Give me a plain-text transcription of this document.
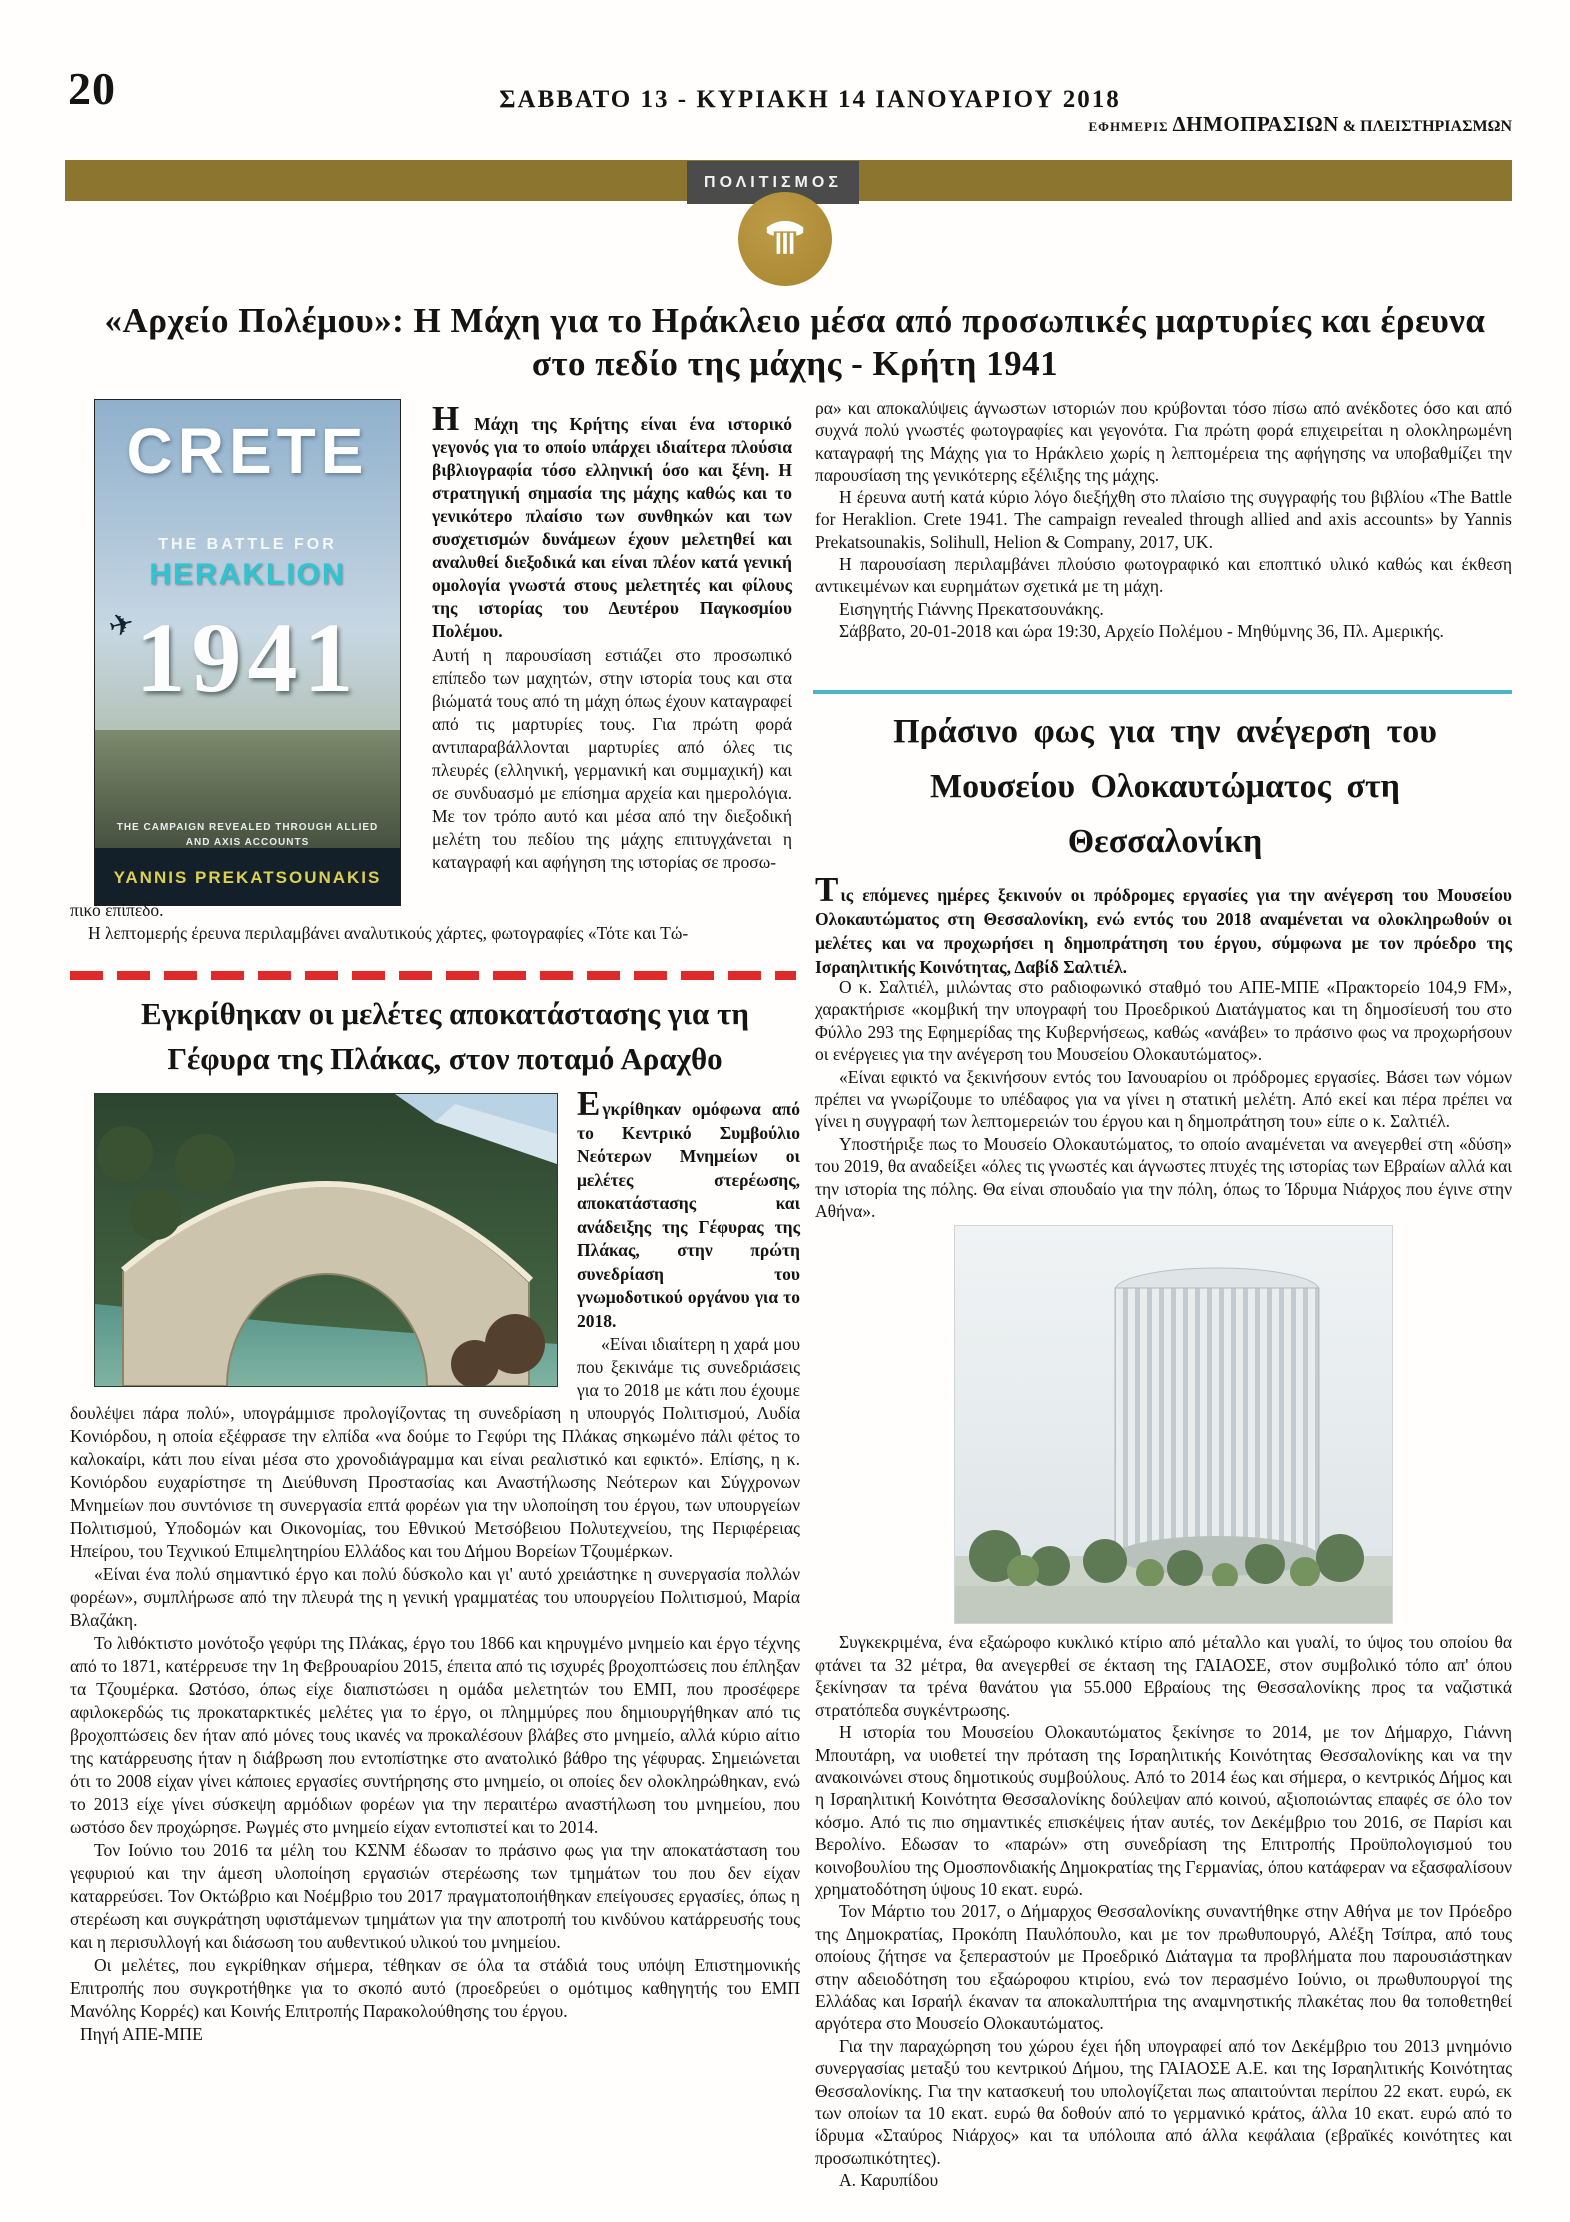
20	ΣΑΒΒΑΤΟ 13 - ΚΥΡΙΑΚΗ 14 ΙΑΝΟΥΑΡΙΟΥ 2018
ΕΦΗΜΕΡΙΣ ΔΗΜΟΠΡΑΣΙΩΝ & ΠΛΕΙΣΤΗΡΙΑΣΜΩΝ
ΠΟΛΙΤΙΣΜΟΣ
«Αρχείο Πολέμου»: Η Μάχη για το Ηράκλειο μέσα από προσωπικές μαρτυρίες και έρευνα στο πεδίο της μάχης - Κρήτη 1941
CRETE
THE BATTLE FOR
HERAKLION
✈
1941
THE CAMPAIGN REVEALED THROUGH ALLIED AND AXIS ACCOUNTS
YANNIS PREKATSOUNAKIS

Η Μάχη της Κρήτης είναι ένα ιστορικό γεγονός για το οποίο υπάρχει ιδιαίτερα πλούσια βιβλιογραφία τόσο ελληνική όσο και ξένη. Η στρατηγική σημασία της μάχης καθώς και το γενικότερο πλαίσιο των συνθηκών και των συσχετισμών δυνάμεων έχουν μελετηθεί και αναλυθεί διεξοδικά και είναι πλέον κατά γενική ομολογία γνωστά στους μελετητές και φίλους της ιστορίας του Δευτέρου Παγκοσμίου Πολέμου.

Αυτή η παρουσίαση εστιάζει στο προσωπικό επίπεδο των μαχητών, στην ιστορία τους και στα βιώματά τους από τη μάχη όπως έχουν καταγραφεί από τις μαρτυρίες τους. Για πρώτη φορά αντιπαραβάλλονται μαρτυρίες από όλες τις πλευρές (ελληνική, γερμανική και συμμαχική) και σε συνδυασμό με επίσημα αρχεία και ημερολόγια. Με τον τρόπο αυτό και μέσα από την διεξοδική μελέτη του πεδίου της μάχης επιτυγχάνεται η καταγραφή και αφήγηση της ιστορίας σε προσω-

πικό επίπεδο.

Η λεπτομερής έρευνα περιλαμβάνει αναλυτικούς χάρτες, φωτογραφίες «Τότε και Τώ-

ρα» και αποκαλύψεις άγνωστων ιστοριών που κρύβονται τόσο πίσω από ανέκδοτες όσο και από συχνά πολύ γνωστές φωτογραφίες και γεγονότα. Για πρώτη φορά επιχειρείται η ολοκληρωμένη καταγραφή της Μάχης για το Ηράκλειο χωρίς η λεπτομέρεια της αφήγησης να υποβαθμίζει την παρουσίαση της γενικότερης εξέλιξης της μάχης.

Η έρευνα αυτή κατά κύριο λόγο διεξήχθη στο πλαίσιο της συγγραφής του βιβλίου «The Battle for Heraklion. Crete 1941. The campaign revealed through allied and axis accounts» by Yannis Prekatsounakis, Solihull, Helion & Company, 2017, UK.

Η παρουσίαση περιλαμβάνει πλούσιο φωτογραφικό και εποπτικό υλικό καθώς και έκθεση αντικειμένων και ευρημάτων σχετικά με τη μάχη.

Εισηγητής Γιάννης Πρεκατσουνάκης.

Σάββατο, 20-01-2018 και ώρα 19:30, Αρχείο Πολέμου - Μηθύμνης 36, Πλ. Αμερικής.

Πράσινο φως για την ανέγερση του Μουσείου Ολοκαυτώματος στη Θεσσαλονίκη

Τις επόμενες ημέρες ξεκινούν οι πρόδρομες εργασίες για την ανέγερση του Μουσείου Ολοκαυτώματος στη Θεσσαλονίκη, ενώ εντός του 2018 αναμένεται να ολοκληρωθούν οι μελέτες και να προχωρήσει η δημοπράτηση του έργου, σύμφωνα με τον πρόεδρο της Ισραηλιτικής Κοινότητας, Δαβίδ Σαλτιέλ.

Ο κ. Σαλτιέλ, μιλώντας στο ραδιοφωνικό σταθμό του ΑΠΕ-ΜΠΕ «Πρακτορείο 104,9 FM», χαρακτήρισε «κομβική την υπογραφή του Προεδρικού Διατάγματος και τη δημοσίευσή του στο Φύλλο 293 της Εφημερίδας της Κυβερνήσεως, καθώς «ανάβει» το πράσινο φως να προχωρήσουν οι ενέργειες για την ανέγερση του Μουσείου Ολοκαυτώματος».

«Είναι εφικτό να ξεκινήσουν εντός του Ιανουαρίου οι πρόδρομες εργασίες. Βάσει των νόμων πρέπει να γνωρίζουμε το υπέδαφος για να γίνει η στατική μελέτη. Από εκεί και πέρα πρέπει να γίνει η συγγραφή των λεπτομερειών του έργου και η δημοπράτηση του» είπε ο κ. Σαλτιέλ.

Υποστήριξε πως το Μουσείο Ολοκαυτώματος, το οποίο αναμένεται να ανεγερθεί στη «δύση» του 2019, θα αναδείξει «όλες τις γνωστές και άγνωστες πτυχές της ιστορίας των Εβραίων αλλά και την ιστορία της πόλης. Θα είναι σπουδαίο για την πόλη, όπως το Ίδρυμα Νιάρχος που έγινε στην Αθήνα».

Συγκεκριμένα, ένα εξαώροφο κυκλικό κτίριο από μέταλλο και γυαλί, το ύψος του οποίου θα φτάνει τα 32 μέτρα, θα ανεγερθεί σε έκταση της ΓΑΙΑΟΣΕ, στον συμβολικό τόπο απ' όπου ξεκίνησαν τα τρένα θανάτου για 55.000 Εβραίους της Θεσσαλονίκης προς τα ναζιστικά στρατόπεδα συγκέντρωσης.

Η ιστορία του Μουσείου Ολοκαυτώματος ξεκίνησε το 2014, με τον Δήμαρχο, Γιάννη Μπουτάρη, να υιοθετεί την πρόταση της Ισραηλιτικής Κοινότητας Θεσσαλονίκης και να την ανακοινώνει στους δημοτικούς συμβούλους. Από το 2014 έως και σήμερα, ο κεντρικός Δήμος και η Ισραηλιτική Κοινότητα Θεσσαλονίκης δούλεψαν από κοινού, αξιοποιώντας επαφές σε όλο τον κόσμο. Από τις πιο σημαντικές επισκέψεις ήταν αυτές, τον Δεκέμβριο του 2016, σε Παρίσι και Βερολίνο. Εδωσαν το «παρών» στη συνεδρίαση της Επιτροπής Προϋπολογισμού του κοινοβουλίου της Ομοσπονδιακής Δημοκρατίας της Γερμανίας, όπου κατάφεραν να εξασφαλίσουν χρηματοδότηση ύψους 10 εκατ. ευρώ.

Τον Μάρτιο του 2017, ο Δήμαρχος Θεσσαλονίκης συναντήθηκε στην Αθήνα με τον Πρόεδρο της Δημοκρατίας, Προκόπη Παυλόπουλο, και με τον πρωθυπουργό, Αλέξη Τσίπρα, από τους οποίους ζήτησε να ξεπεραστούν με Προεδρικό Διάταγμα τα προβλήματα που παρουσιάστηκαν στην αδειοδότηση του εξαώροφου κτιρίου, ενώ τον περασμένο Ιούνιο, οι πρωθυπουργοί της Ελλάδας και Ισραήλ έκαναν τα αποκαλυπτήρια της αναμνηστικής πλακέτας που θα τοποθετηθεί αργότερα στο Μουσείο Ολοκαυτώματος.

Για την παραχώρηση του χώρου έχει ήδη υπογραφεί από τον Δεκέμβριο του 2013 μνημόνιο συνεργασίας μεταξύ του κεντρικού Δήμου, της ΓΑΙΑΟΣΕ Α.Ε. και της Ισραηλιτικής Κοινότητας Θεσσαλονίκης. Για την κατασκευή του υπολογίζεται πως απαιτούνται περίπου 22 εκατ. ευρώ, εκ των οποίων τα 10 εκατ. ευρώ θα δοθούν από το γερμανικό κράτος, άλλα 10 εκατ. ευρώ από το ίδρυμα «Σταύρος Νιάρχος» και τα υπόλοιπα από άλλα κεφάλαια (εβραϊκές κοινότητες και προσωπικότητες).

Α. Καρυπίδου

Εγκρίθηκαν οι μελέτες αποκατάστασης για τη Γέφυρα της Πλάκας, στον ποταμό Αραχθο

Εγκρίθηκαν ομόφωνα από το Κεντρικό Συμβούλιο Νεότερων Μνημείων οι μελέτες στερέωσης, αποκατάστασης και ανάδειξης της Γέφυρας της Πλάκας, στην πρώτη συνεδρίαση του γνωμοδοτικού οργάνου για το 2018.

«Είναι ιδιαίτερη η χαρά μου που ξεκινάμε τις συνεδριάσεις για το 2018 με κάτι που έχουμε δουλέψει πάρα πολύ», υπογράμμισε προλογίζοντας τη συνεδρίαση η υπουργός Πολιτισμού, Λυδία Κονιόρδου, η οποία εξέφρασε την ελπίδα «να δούμε το Γεφύρι της Πλάκας σηκωμένο πάλι φέτος το καλοκαίρι, κάτι που είναι μέσα στο χρονοδιάγραμμα και είναι ρεαλιστικό και εφικτό». Επίσης, η κ. Κονιόρδου ευχαρίστησε τη Διεύθυνση Προστασίας και Αναστήλωσης Νεότερων και Σύγχρονων Μνημείων που συντόνισε τη συνεργασία επτά φορέων για την υλοποίηση του έργου, των υπουργείων Πολιτισμού, Υποδομών και Οικονομίας, του Εθνικού Μετσόβειου Πολυτεχνείου, της Περιφέρειας Ηπείρου, του Τεχνικού Επιμελητηρίου Ελλάδος και του Δήμου Βορείων Τζουμέρκων.

«Είναι ένα πολύ σημαντικό έργο και πολύ δύσκολο και γι' αυτό χρειάστηκε η συνεργασία πολλών φορέων», συμπλήρωσε από την πλευρά της η γενική γραμματέας του υπουργείου Πολιτισμού, Μαρία Βλαζάκη.

Το λιθόκτιστο μονότοξο γεφύρι της Πλάκας, έργο του 1866 και κηρυγμένο μνημείο και έργο τέχνης από το 1871, κατέρρευσε την 1η Φεβρουαρίου 2015, έπειτα από τις ισχυρές βροχοπτώσεις που έπληξαν τα Τζουμέρκα. Ωστόσο, όπως είχε διαπιστώσει η ομάδα μελετητών του ΕΜΠ, που προσέφερε αφιλοκερδώς τις προκαταρκτικές μελέτες για το έργο, οι πλημμύρες που δημιουργήθηκαν από τις βροχοπτώσεις δεν ήταν από μόνες τους ικανές να προκαλέσουν βλάβες στο μνημείο, αλλά κύριο αίτιο της κατάρρευσης ήταν η διάβρωση που εντοπίστηκε στο ανατολικό βάθρο της γέφυρας. Σημειώνεται ότι το 2008 είχαν γίνει κάποιες εργασίες συντήρησης στο μνημείο, οι οποίες δεν ολοκληρώθηκαν, ενώ το 2013 είχε γίνει σύσκεψη αρμόδιων φορέων για την περαιτέρω αναστήλωση του μνημείου, που ωστόσο δεν προχώρησε. Ρωγμές στο μνημείο είχαν εντοπιστεί και το 2014.

Τον Ιούνιο του 2016 τα μέλη του ΚΣΝΜ έδωσαν το πράσινο φως για την αποκατάσταση του γεφυριού και την άμεση υλοποίηση εργασιών στερέωσης των τμημάτων του που δεν είχαν καταρρεύσει. Τον Οκτώβριο και Νοέμβριο του 2017 πραγματοποιήθηκαν επείγουσες εργασίες, όπως η στερέωση και συγκράτηση υφιστάμενων τμημάτων για την αποτροπή του κινδύνου κατάρρευσής τους και η περισυλλογή και διάσωση του αυθεντικού υλικού του μνημείου.

Οι μελέτες, που εγκρίθηκαν σήμερα, τέθηκαν σε όλα τα στάδιά τους υπόψη Επιστημονικής Επιτροπής που συγκροτήθηκε για το σκοπό αυτό (προεδρεύει ο ομότιμος καθηγητής του ΕΜΠ Μανόλης Κορρές) και Κοινής Επιτροπής Παρακολούθησης του έργου.

Πηγή ΑΠΕ-ΜΠΕ
